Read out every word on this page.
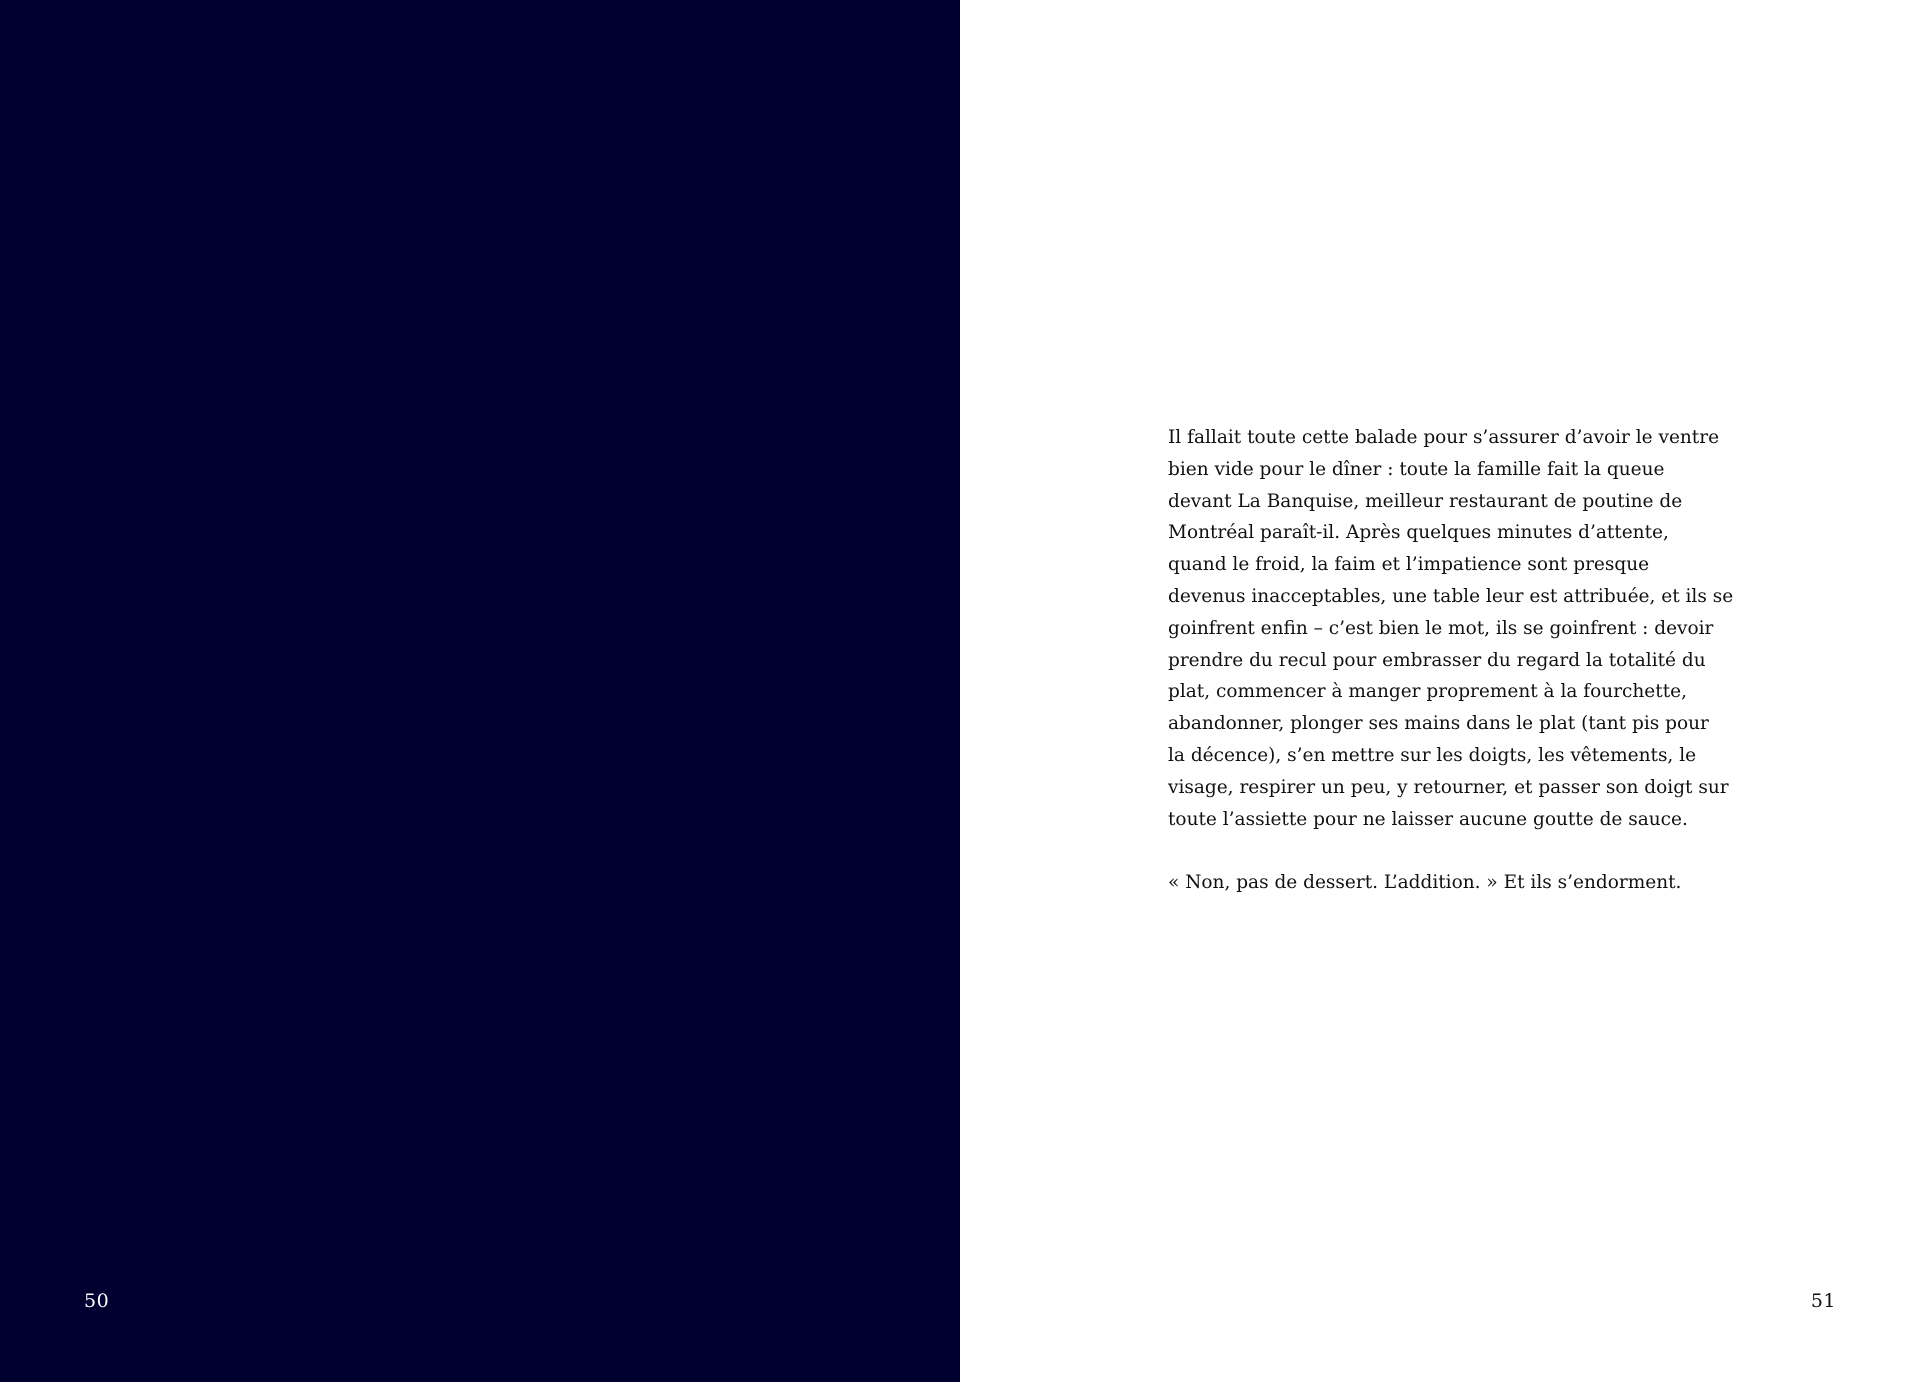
50

Il fallait toute cette balade pour s’assurer d’avoir le ventre
bien vide pour le dîner : toute la famille fait la queue
devant La Banquise, meilleur restaurant de poutine de
Montréal paraît-il. Après quelques minutes d’attente,
quand le froid, la faim et l’impatience sont presque
devenus inacceptables, une table leur est attribuée, et ils se
goinfrent enfin – c’est bien le mot, ils se goinfrent : devoir
prendre du recul pour embrasser du regard la totalité du
plat, commencer à manger proprement à la fourchette,
abandonner, plonger ses mains dans le plat (tant pis pour
la décence), s’en mettre sur les doigts, les vêtements, le
visage, respirer un peu, y retourner, et passer son doigt sur
toute l’assiette pour ne laisser aucune goutte de sauce.

« Non, pas de dessert. L’addition. » Et ils s’endorment.

51
